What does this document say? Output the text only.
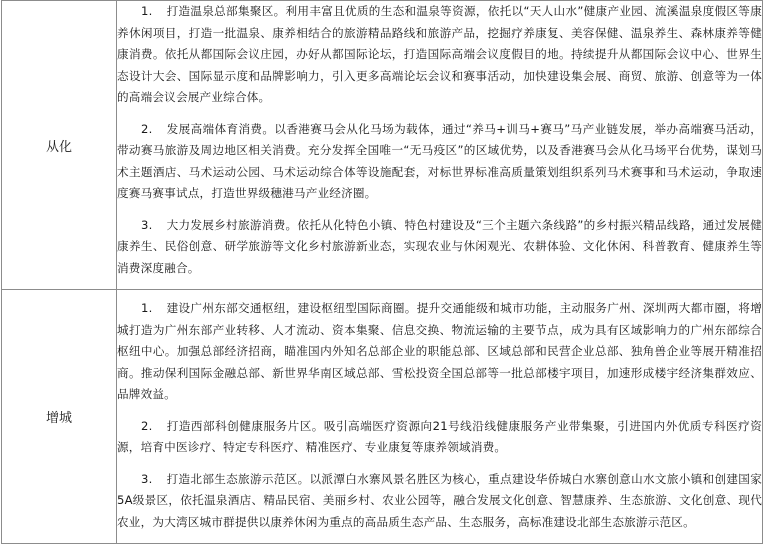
从化	1. 打造温泉总部集聚区。利用丰富且优质的生态和温泉等资源，依托以“天人山水”健康产业园、流溪温泉度假区等康养休闲项目，打造一批温泉、康养相结合的旅游精品路线和旅游产品，挖掘疗养康复、美容保健、温泉养生、森林康养等健康消费。依托从都国际会议庄园，办好从都国际论坛，打造国际高端会议度假目的地。持续提升从都国际会议中心、世界生态设计大会、国际显示度和品牌影响力，引入更多高端论坛会议和赛事活动，加快建设集会展、商贸、旅游、创意等为一体的高端会议会展产业综合体。

2. 发展高端体育消费。以香港赛马会从化马场为载体，通过“养马+训马+赛马”马产业链发展，举办高端赛马活动，带动赛马旅游及周边地区相关消费。充分发挥全国唯一“无马疫区”的区域优势，以及香港赛马会从化马场平台优势，谋划马术主题酒店、马术运动公园、马术运动综合体等设施配套，对标世界标准高质量策划组织系列马术赛事和马术运动，争取速度赛马赛事试点，打造世界级穗港马产业经济圈。

3. 大力发展乡村旅游消费。依托从化特色小镇、特色村建设及“三个主题六条线路”的乡村振兴精品线路，通过发展健康养生、民俗创意、研学旅游等文化乡村旅游新业态，实现农业与休闲观光、农耕体验、文化休闲、科普教育、健康养生等消费深度融合。

增城	1. 建设广州东部交通枢纽，建设枢纽型国际商圈。提升交通能级和城市功能，主动服务广州、深圳两大都市圈，将增城打造为广州东部产业转移、人才流动、资本集聚、信息交换、物流运输的主要节点，成为具有区域影响力的广州东部综合枢纽中心。加强总部经济招商，瞄准国内外知名总部企业的职能总部、区域总部和民营企业总部、独角兽企业等展开精准招商。推动保利国际金融总部、新世界华南区域总部、雪松投资全国总部等一批总部楼宇项目，加速形成楼宇经济集群效应、品牌效益。

2. 打造西部科创健康服务片区。吸引高端医疗资源向21号线沿线健康服务产业带集聚，引进国内外优质专科医疗资源，培育中医诊疗、特定专科医疗、精准医疗、专业康复等康养领域消费。

3. 打造北部生态旅游示范区。以派潭白水寨风景名胜区为核心，重点建设华侨城白水寨创意山水文旅小镇和创建国家5A级景区，依托温泉酒店、精品民宿、美丽乡村、农业公园等，融合发展文化创意、智慧康养、生态旅游、文化创意、现代农业，为大湾区城市群提供以康养休闲为重点的高品质生态产品、生态服务，高标准建设北部生态旅游示范区。
